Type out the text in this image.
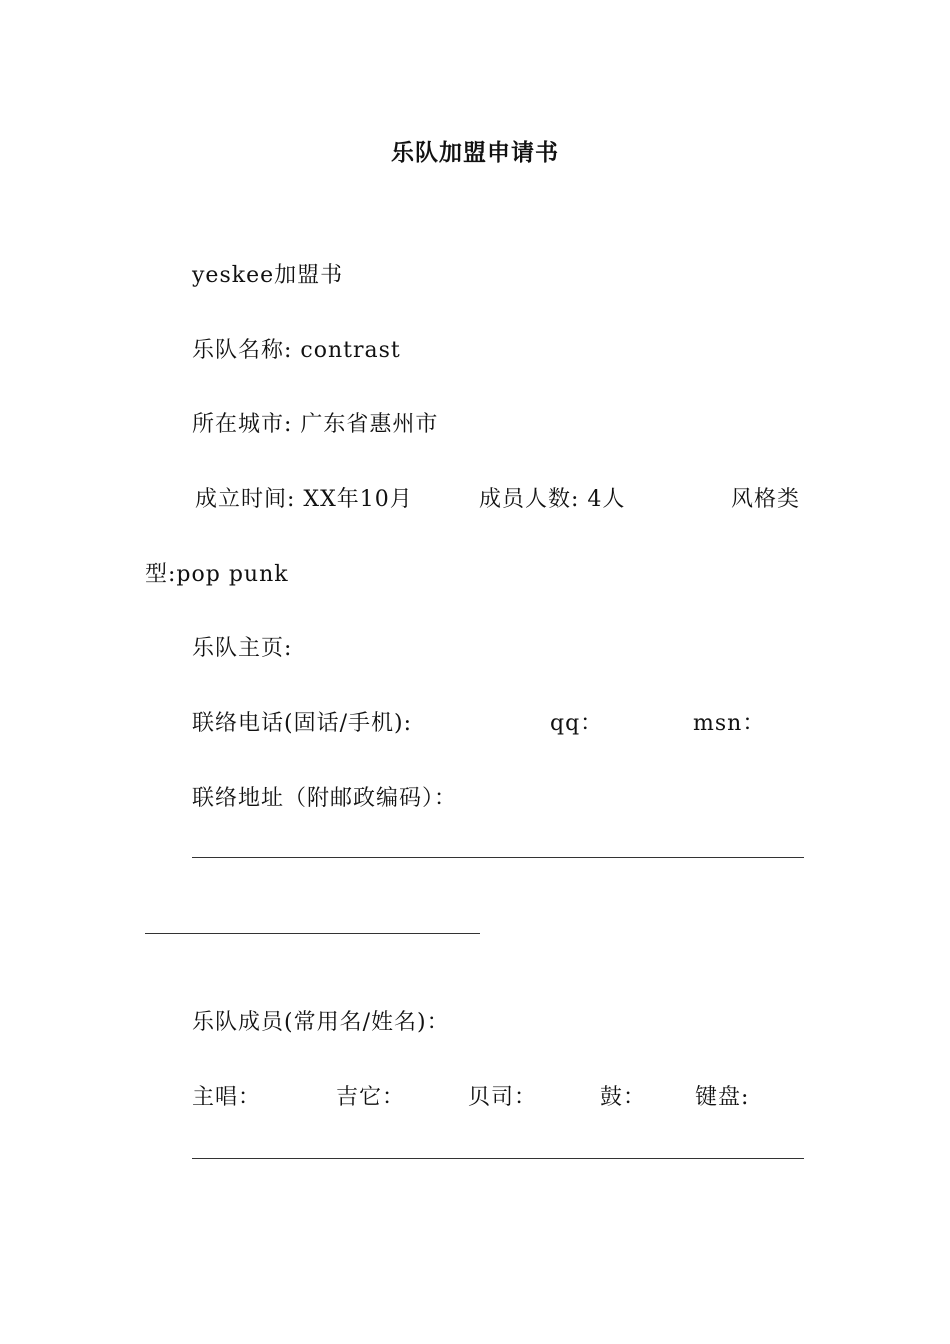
乐队加盟申请书
yeskee加盟书
乐队名称: contrast
所在城市: 广东省惠州市
成立时间: XX年10月	成员人数: 4人	风格类
型:pop punk
乐队主页:
联络电话(固话/手机):	qq：	msn：
联络地址（附邮政编码）：
乐队成员(常用名/姓名)：
主唱：	吉它：	贝司：	鼓： 键盘:
